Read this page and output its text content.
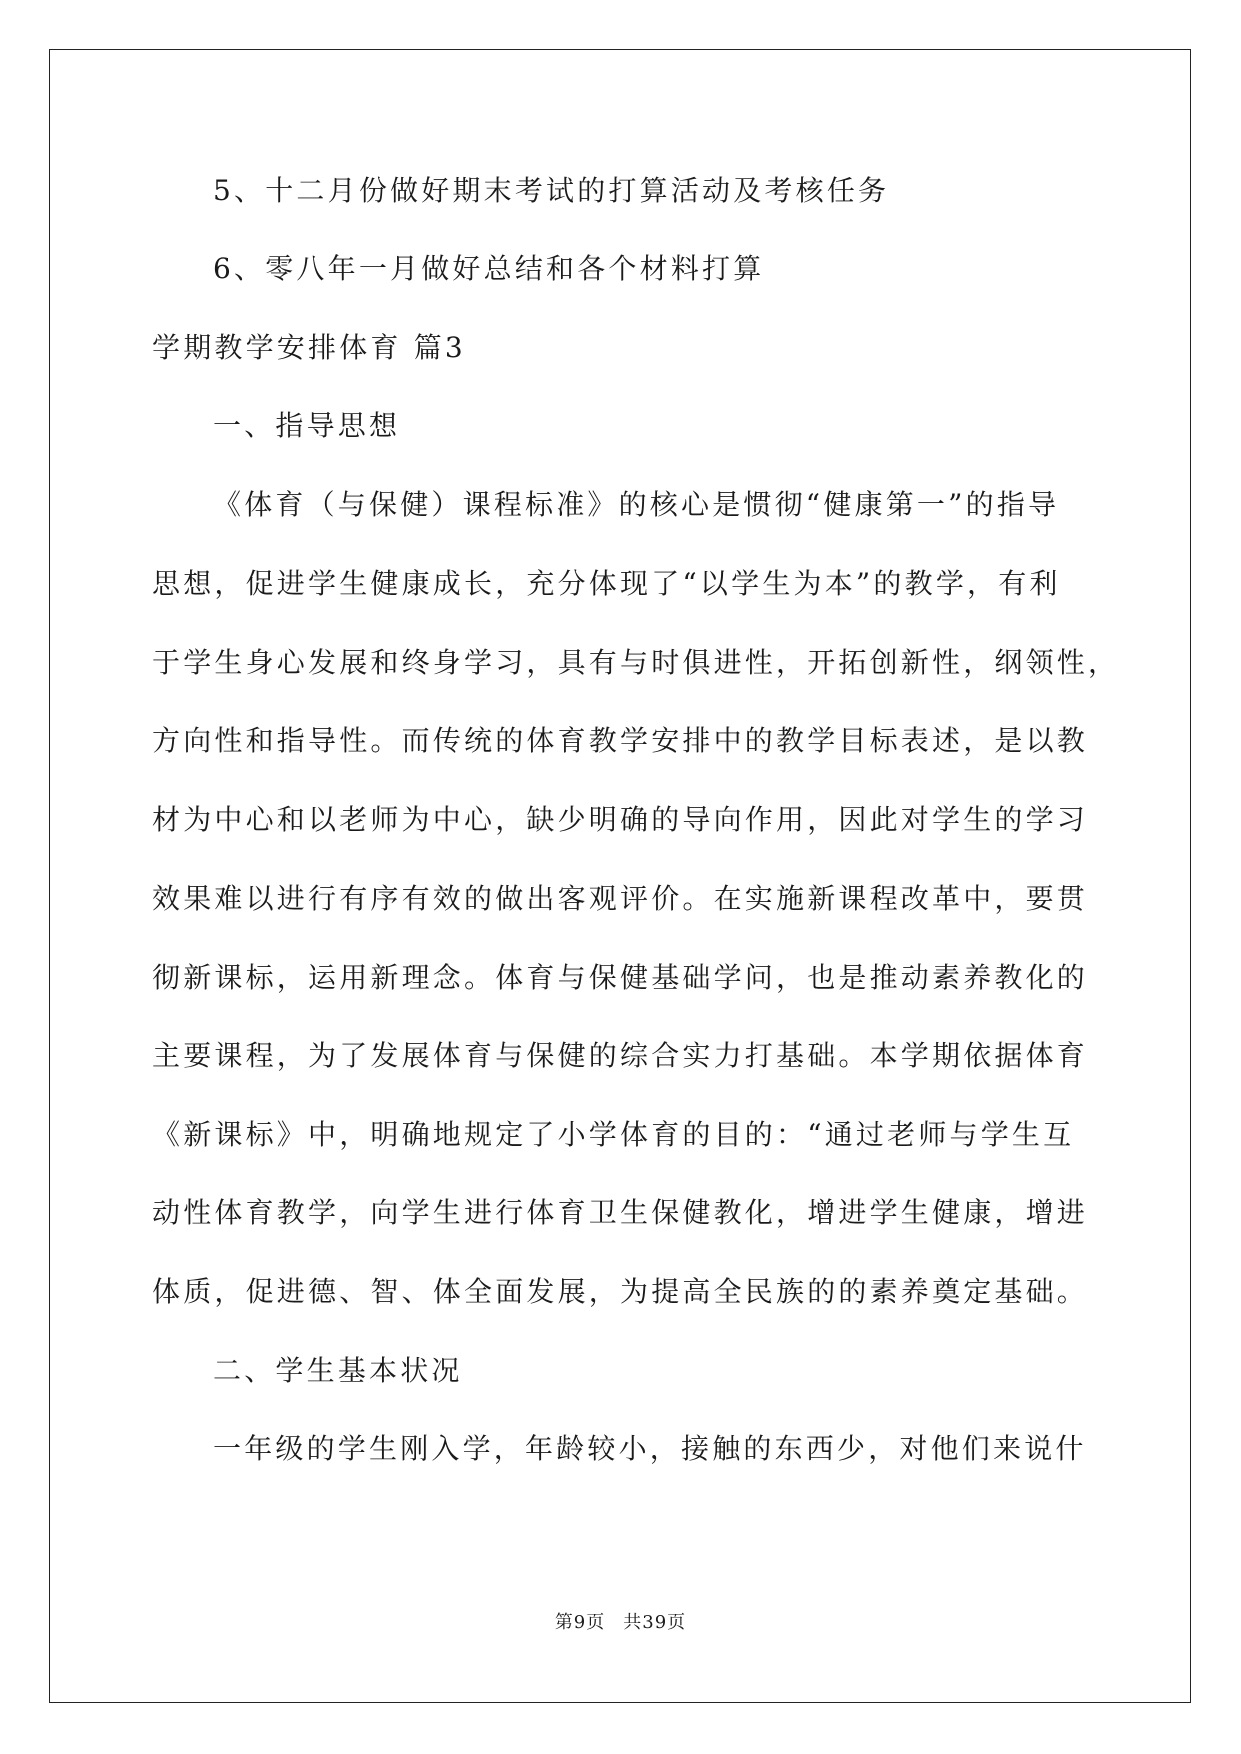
5、十二月份做好期末考试的打算活动及考核任务
6、零八年一月做好总结和各个材料打算
学期教学安排体育 篇3
一、指导思想
《体育（与保健）课程标准》的核心是惯彻“健康第一”的指导
思想，促进学生健康成长，充分体现了“以学生为本”的教学，有利
于学生身心发展和终身学习，具有与时俱进性，开拓创新性，纲领性，
方向性和指导性。而传统的体育教学安排中的教学目标表述，是以教
材为中心和以老师为中心，缺少明确的导向作用，因此对学生的学习
效果难以进行有序有效的做出客观评价。在实施新课程改革中，要贯
彻新课标，运用新理念。体育与保健基础学问，也是推动素养教化的
主要课程，为了发展体育与保健的综合实力打基础。本学期依据体育
《新课标》中，明确地规定了小学体育的目的：“通过老师与学生互
动性体育教学，向学生进行体育卫生保健教化，增进学生健康，增进
体质，促进德、智、体全面发展，为提高全民族的的素养奠定基础。
二、学生基本状况
一年级的学生刚入学，年龄较小，接触的东西少，对他们来说什
第9页 共39页
